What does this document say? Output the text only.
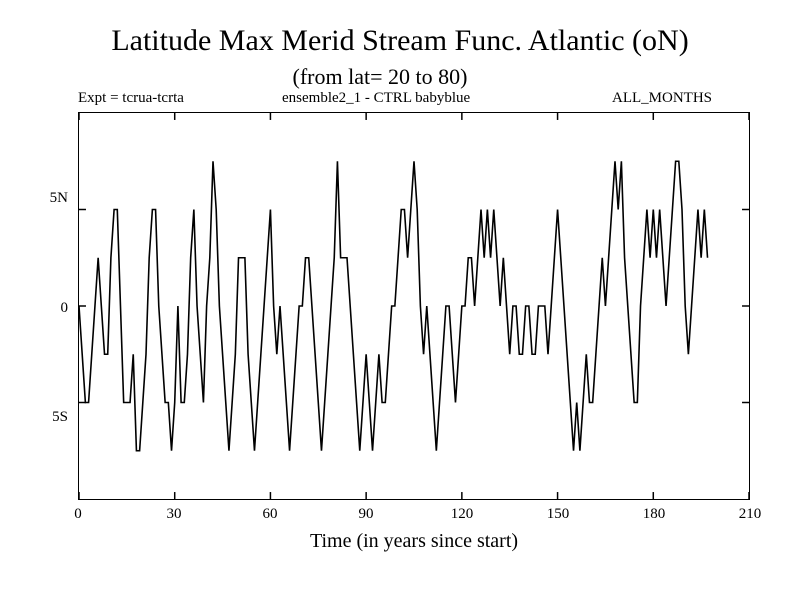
Latitude Max Merid Stream Func. Atlantic (oN)
(from lat= 20 to 80)
Expt = tcrua-tcrta	ensemble2_1 - CTRL babyblue	ALL_MONTHS
5N
0
5S
0	30	60	90	120	150	180	210
Time (in years since start)
